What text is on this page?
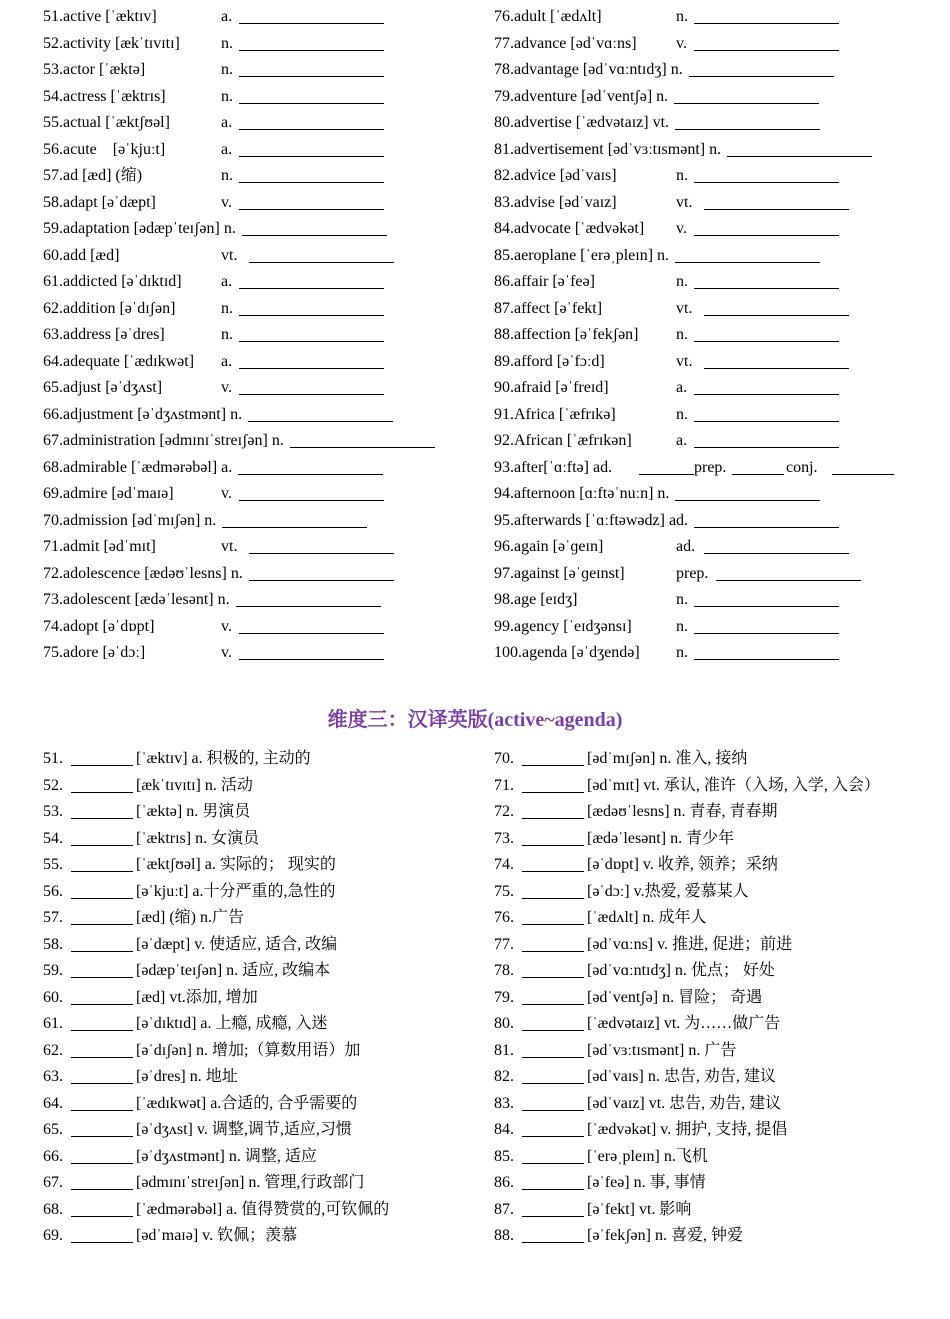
51.active [ˈæktɪv]	a.
52.activity [ækˈtɪvɪtɪ]	n.
53.actor [ˈæktə]	n.
54.actress [ˈæktrɪs]	n.
55.actual [ˈæktʃʊəl]	a.
56.acute　[əˈkjuːt]	a.
57.ad [æd] (缩)	n.
58.adapt [əˈdæpt]	v.
59.adaptation [ədæpˈteɪʃən] n.
60.add [æd]	vt.
61.addicted [əˈdɪktɪd] a.
62.addition [əˈdɪʃən]	n.
63.address [əˈdres]	n.
64.adequate [ˈædɪkwət] a.
65.adjust [əˈdʒʌst]	v.
66.adjustment [əˈdʒʌstmənt] n.
67.administration [ədmɪnɪˈstreɪʃən] n.
68.admirable [ˈædmərəbəl] a.
69.admire [ədˈmaɪə]	v.
70.admission [ədˈmɪʃən] n.
71.admit [ədˈmɪt]	vt.
72.adolescence [ædəʊˈlesns] n.
73.adolescent [ædəˈlesənt] n.
74.adopt [əˈdɒpt]	v.
75.adore [əˈdɔː]	v.
76.adult [ˈædʌlt]	n.
77.advance [ədˈvɑːns] v.
78.advantage [ədˈvɑːntɪdʒ] n.
79.adventure [ədˈventʃə] n.
80.advertise [ˈædvətaɪz] vt.
81.advertisement [ədˈvɜːtɪsmənt] n.
82.advice [ədˈvaɪs]	n.
83.advise [ədˈvaɪz]	vt.
84.advocate [ˈædvəkət] v.
85.aeroplane [ˈerəˌpleɪn] n.
86.affair [əˈfeə]	n.
87.affect [əˈfekt]	vt.
88.affection [əˈfekʃən] n.
89.afford [əˈfɔːd]	vt.
90.afraid [əˈfreɪd]	a.
91.Africa [ˈæfrɪkə]	n.
92.African [ˈæfrɪkən]	a.
93.after[ˈɑːftə] ad.	prep.	conj.
94.afternoon [ɑːftəˈnuːn] n.
95.afterwards [ˈɑːftəwədz] ad.
96.again [əˈɡeɪn]	ad.
97.against [əˈɡeɪnst]	prep.
98.age [eɪdʒ]	n.
99.agency [ˈeɪdʒənsɪ]	n.
100.agenda [əˈdʒendə] n.
维度三：汉译英版(active~agenda)
51.	[ˈæktɪv] a. 积极的, 主动的
52.	[ækˈtɪvɪtɪ] n. 活动
53.	[ˈæktə] n. 男演员
54.	[ˈæktrɪs] n. 女演员
55.	[ˈæktʃʊəl] a. 实际的； 现实的
56.	[əˈkjuːt] a.十分严重的,急性的
57.	[æd] (缩) n.广告
58.	[əˈdæpt] v. 使适应, 适合, 改编
59.	[ədæpˈteɪʃən] n. 适应, 改编本
60.	[æd] vt.添加, 增加
61.	[əˈdɪktɪd] a. 上瘾, 成瘾, 入迷
62.	[əˈdɪʃən] n. 增加;（算数用语）加
63.	[əˈdres] n. 地址
64.	[ˈædɪkwət] a.合适的, 合乎需要的
65.	[əˈdʒʌst] v. 调整,调节,适应,习惯
66.	[əˈdʒʌstmənt] n. 调整, 适应
67.	[ədmɪnɪˈstreɪʃən] n. 管理,行政部门
68.	[ˈædmərəbəl] a. 值得赞赏的,可钦佩的
69.	[ədˈmaɪə] v. 钦佩；羡慕
70.	[ədˈmɪʃən] n. 准入, 接纳
71.	[ədˈmɪt] vt. 承认, 准许（入场, 入学, 入会）
72.	[ædəʊˈlesns] n. 青春, 青春期
73.	[ædəˈlesənt] n. 青少年
74.	[əˈdɒpt] v. 收养, 领养；采纳
75.	[əˈdɔː] v.热爱, 爱慕某人
76.	[ˈædʌlt] n. 成年人
77.	[ədˈvɑːns] v. 推进, 促进；前进
78.	[ədˈvɑːntɪdʒ] n. 优点； 好处
79.	[ədˈventʃə] n. 冒险； 奇遇
80.	[ˈædvətaɪz] vt. 为……做广告
81.	[ədˈvɜːtɪsmənt] n. 广告
82.	[ədˈvaɪs] n. 忠告, 劝告, 建议
83.	[ədˈvaɪz] vt. 忠告, 劝告, 建议
84.	[ˈædvəkət] v. 拥护, 支持, 提倡
85.	[ˈerəˌpleɪn] n.飞机
86.	[əˈfeə] n. 事, 事情
87.	[əˈfekt] vt. 影响
88.	[əˈfekʃən] n. 喜爱, 钟爱
